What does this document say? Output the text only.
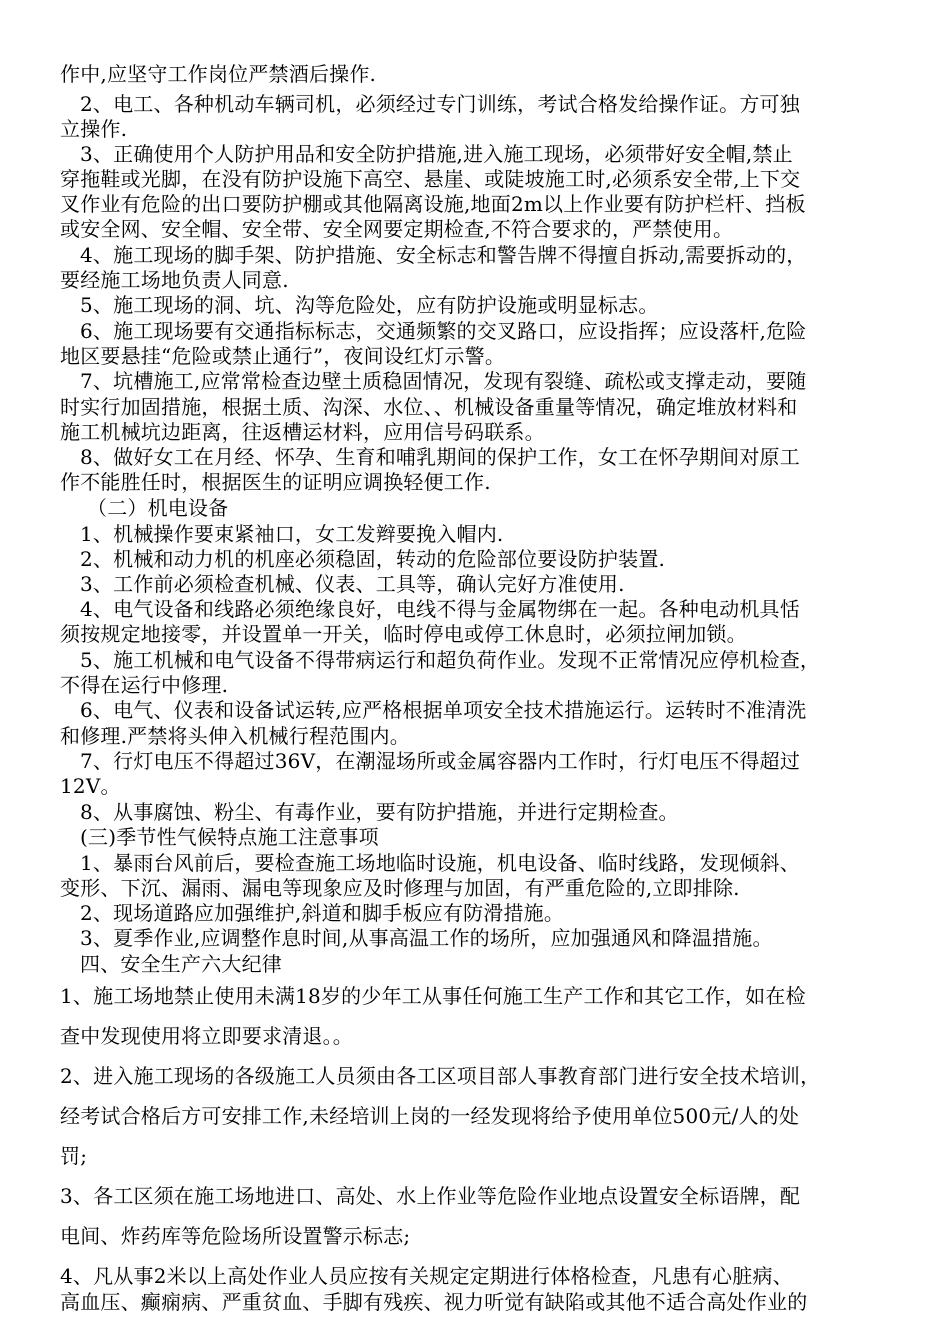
作中,应坚守工作岗位严禁酒后操作.
2、电工、各种机动车辆司机，必须经过专门训练，考试合格发给操作证。方可独
立操作.
3、正确使用个人防护用品和安全防护措施,进入施工现场，必须带好安全帽,禁止
穿拖鞋或光脚，在没有防护设施下高空、悬崖、或陡坡施工时,必须系安全带,上下交
叉作业有危险的出口要防护棚或其他隔离设施,地面2m以上作业要有防护栏杆、挡板
或安全网、安全帽、安全带、安全网要定期检查,不符合要求的，严禁使用。
4、施工现场的脚手架、防护措施、安全标志和警告牌不得擅自拆动,需要拆动的，
要经施工场地负责人同意.
5、施工现场的洞、坑、沟等危险处，应有防护设施或明显标志。
6、施工现场要有交通指标标志，交通频繁的交叉路口，应设指挥；应设落杆,危险
地区要悬挂“危险或禁止通行”，夜间设红灯示警。
7、坑槽施工,应常常检查边壁土质稳固情况，发现有裂缝、疏松或支撑走动，要随
时实行加固措施，根据土质、沟深、水位、、机械设备重量等情况，确定堆放材料和
施工机械坑边距离，往返槽运材料，应用信号码联系。
8、做好女工在月经、怀孕、生育和哺乳期间的保护工作，女工在怀孕期间对原工
作不能胜任时，根据医生的证明应调换轻便工作.
（二）机电设备
1、机械操作要束紧袖口，女工发辫要挽入帽内.
2、机械和动力机的机座必须稳固，转动的危险部位要设防护装置.
3、工作前必须检查机械、仪表、工具等，确认完好方准使用.
4、电气设备和线路必须绝缘良好，电线不得与金属物绑在一起。各种电动机具恬
须按规定地接零，并设置单一开关，临时停电或停工休息时，必须拉闸加锁。
5、施工机械和电气设备不得带病运行和超负荷作业。发现不正常情况应停机检查，
不得在运行中修理.
6、电气、仪表和设备试运转,应严格根据单项安全技术措施运行。运转时不准清洗
和修理.严禁将头伸入机械行程范围内。
7、行灯电压不得超过36V，在潮湿场所或金属容器内工作时，行灯电压不得超过
12V。
8、从事腐蚀、粉尘、有毒作业，要有防护措施，并进行定期检查。
(三)季节性气候特点施工注意事项
1、暴雨台风前后，要检查施工场地临时设施，机电设备、临时线路，发现倾斜、
变形、下沉、漏雨、漏电等现象应及时修理与加固，有严重危险的,立即排除.
2、现场道路应加强维护,斜道和脚手板应有防滑措施。
3、夏季作业,应调整作息时间,从事高温工作的场所，应加强通风和降温措施。
四、安全生产六大纪律
1、施工场地禁止使用未满18岁的少年工从事任何施工生产工作和其它工作，如在检
查中发现使用将立即要求清退。。
2、进入施工现场的各级施工人员须由各工区项目部人事教育部门进行安全技术培训，
经考试合格后方可安排工作,未经培训上岗的一经发现将给予使用单位500元/人的处
罚;
3、各工区须在施工场地进口、高处、水上作业等危险作业地点设置安全标语牌，配
电间、炸药库等危险场所设置警示标志;
4、凡从事2米以上高处作业人员应按有关规定定期进行体格检查，凡患有心脏病、
高血压、癫痫病、严重贫血、手脚有残疾、视力听觉有缺陷或其他不适合高处作业的
